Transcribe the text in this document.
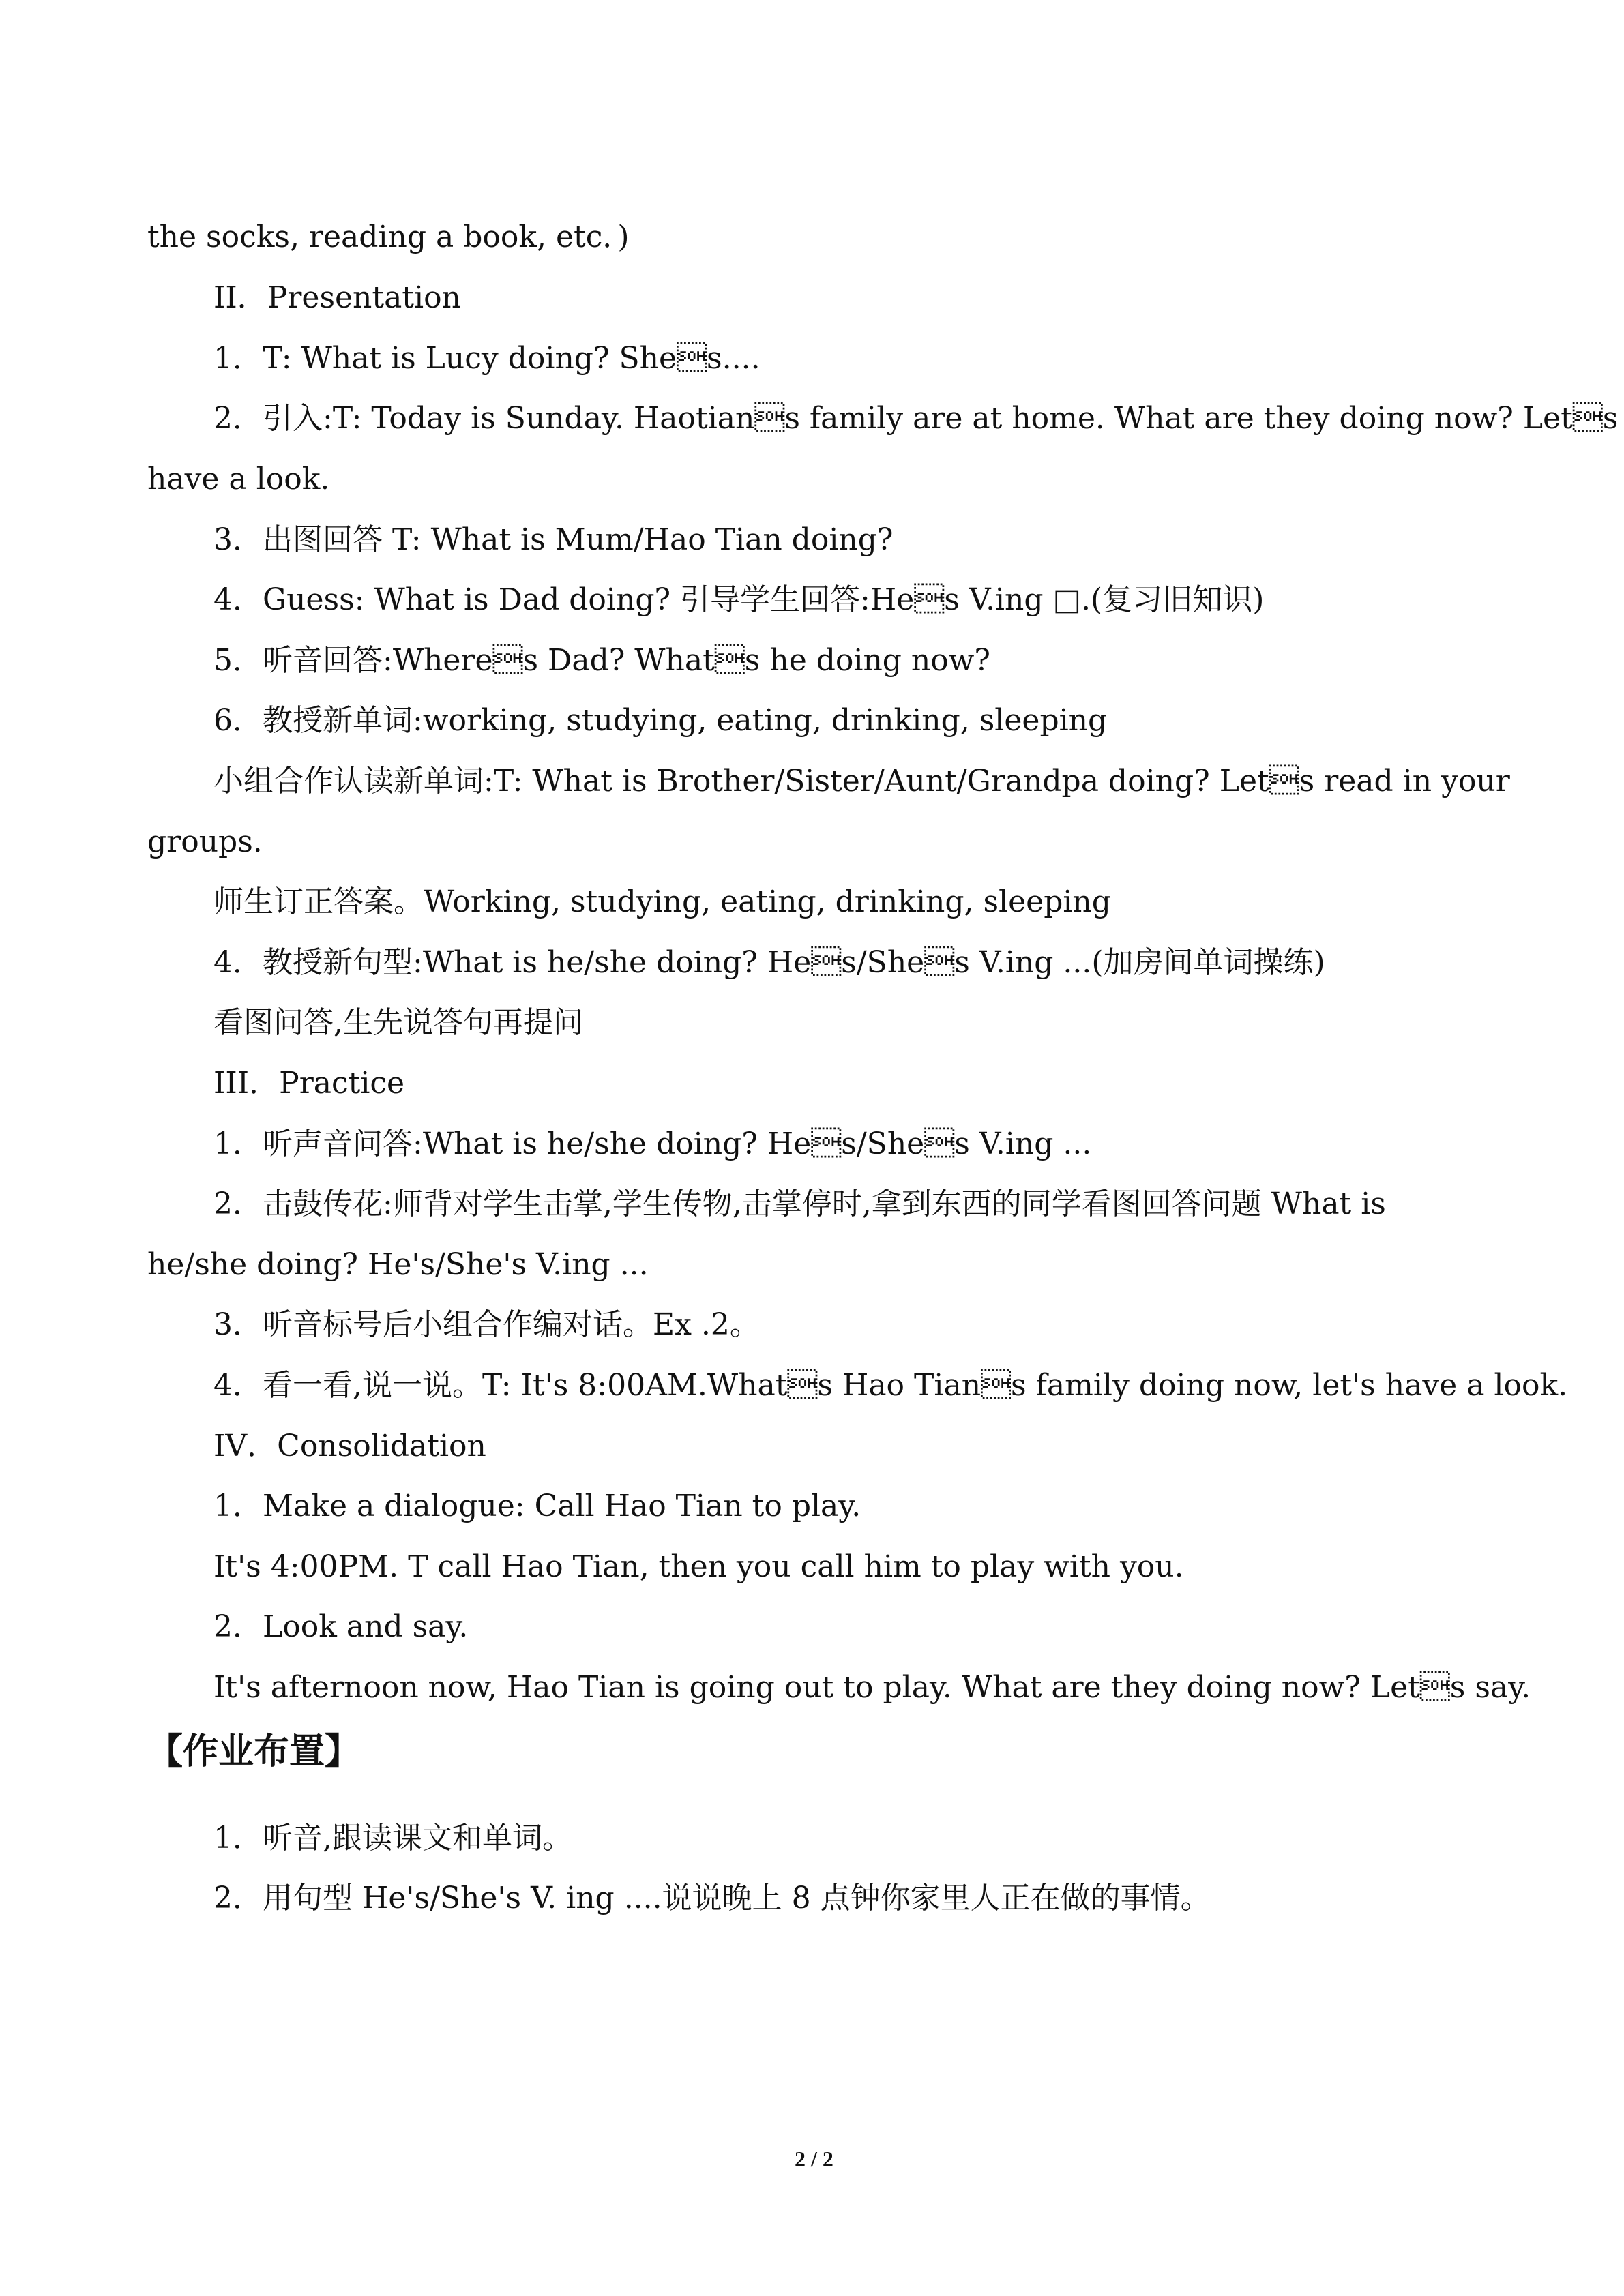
the socks, reading a book, etc．)
II．Presentation
1．T: What is Lucy doing? Shes....
2．引入:T: Today is Sunday. Haotians family are at home. What are they doing now? Lets
have a look.
3．出图回答 T: What is Mum/Hao Tian doing?
4．Guess: What is Dad doing? 引导学生回答:Hes V.ing □.(复习旧知识)
5．听音回答:Wheres Dad? Whats he doing now?
6．教授新单词:working, studying, eating, drinking, sleeping
小组合作认读新单词:T: What is Brother/Sister/Aunt/Grandpa doing? Lets read in your
groups.
师生订正答案。Working, studying, eating, drinking, sleeping
4．教授新句型:What is he/she doing? Hes/Shes V.ing ...(加房间单词操练)
看图问答,生先说答句再提问
III．Practice
1．听声音问答:What is he/she doing? Hes/Shes V.ing ...
2．击鼓传花:师背对学生击掌,学生传物,击掌停时,拿到东西的同学看图回答问题 What is
he/she doing? He's/She's V.ing ...
3．听音标号后小组合作编对话。Ex .2。
4．看一看,说一说。T: It's 8:00AM.Whats Hao Tians family doing now, let's have a look.
IV．Consolidation
1．Make a dialogue: Call Hao Tian to play.
It's 4:00PM. T call Hao Tian, then you call him to play with you.
2．Look and say.
It's afternoon now, Hao Tian is going out to play. What are they doing now? Lets say.
【作业布置】
1．听音,跟读课文和单词。
2．用句型 He's/She's V. ing ....说说晚上 8 点钟你家里人正在做的事情。
2 / 2
